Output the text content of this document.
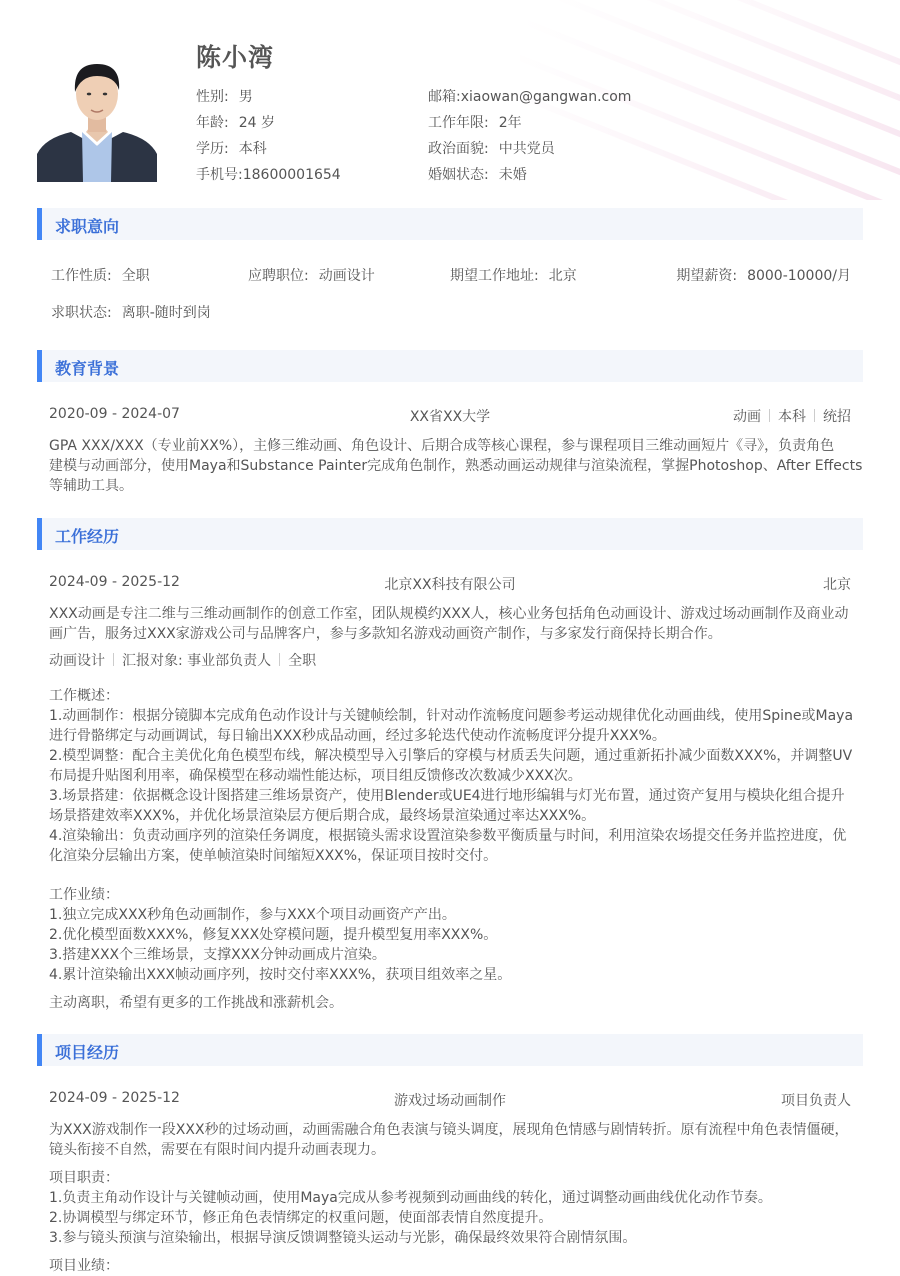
陈小湾
性别: 男
年龄: 24 岁
学历: 本科
手机号:18600001654
邮箱:xiaowan@gangwan.com
工作年限: 2年
政治面貌: 中共党员
婚姻状态: 未婚
求职意向
工作性质: 全职	应聘职位: 动画设计	期望工作地址: 北京	期望薪资: 8000-10000/月
求职状态: 离职-随时到岗
教育背景
2020-09 - 2024-07	XX省XX大学	动画 本科 统招
GPA XXX/XXX（专业前XX%），主修三维动画、角色设计、后期合成等核心课程，参与课程项目三维动画短片《寻》，负责角色
建模与动画部分，使用Maya和Substance Painter完成角色制作，熟悉动画运动规律与渲染流程，掌握Photoshop、After Effects
等辅助工具。
工作经历
2024-09 - 2025-12	北京XX科技有限公司	北京
XXX动画是专注二维与三维动画制作的创意工作室，团队规模约XXX人，核心业务包括角色动画设计、游戏过场动画制作及商业动
画广告，服务过XXX家游戏公司与品牌客户，参与多款知名游戏动画资产制作，与多家发行商保持长期合作。
动画设计 汇报对象: 事业部负责人 全职
工作概述：
1.动画制作：根据分镜脚本完成角色动作设计与关键帧绘制，针对动作流畅度问题参考运动规律优化动画曲线，使用Spine或Maya
进行骨骼绑定与动画调试，每日输出XXX秒成品动画，经过多轮迭代使动作流畅度评分提升XXX%。
2.模型调整：配合主美优化角色模型布线，解决模型导入引擎后的穿模与材质丢失问题，通过重新拓扑减少面数XXX%，并调整UV
布局提升贴图利用率，确保模型在移动端性能达标，项目组反馈修改次数减少XXX次。
3.场景搭建：依据概念设计图搭建三维场景资产，使用Blender或UE4进行地形编辑与灯光布置，通过资产复用与模块化组合提升
场景搭建效率XXX%，并优化场景渲染层方便后期合成，最终场景渲染通过率达XXX%。
4.渲染输出：负责动画序列的渲染任务调度，根据镜头需求设置渲染参数平衡质量与时间，利用渲染农场提交任务并监控进度，优
化渲染分层输出方案，使单帧渲染时间缩短XXX%，保证项目按时交付。
工作业绩：
1.独立完成XXX秒角色动画制作，参与XXX个项目动画资产产出。
2.优化模型面数XXX%，修复XXX处穿模问题，提升模型复用率XXX%。
3.搭建XXX个三维场景，支撑XXX分钟动画成片渲染。
4.累计渲染输出XXX帧动画序列，按时交付率XXX%，获项目组效率之星。
主动离职，希望有更多的工作挑战和涨薪机会。
项目经历
2024-09 - 2025-12	游戏过场动画制作	项目负责人
为XXX游戏制作一段XXX秒的过场动画，动画需融合角色表演与镜头调度，展现角色情感与剧情转折。原有流程中角色表情僵硬，
镜头衔接不自然，需要在有限时间内提升动画表现力。
项目职责：
1.负责主角动作设计与关键帧动画，使用Maya完成从参考视频到动画曲线的转化，通过调整动画曲线优化动作节奏。
2.协调模型与绑定环节，修正角色表情绑定的权重问题，使面部表情自然度提升。
3.参与镜头预演与渲染输出，根据导演反馈调整镜头运动与光影，确保最终效果符合剧情氛围。
项目业绩：
